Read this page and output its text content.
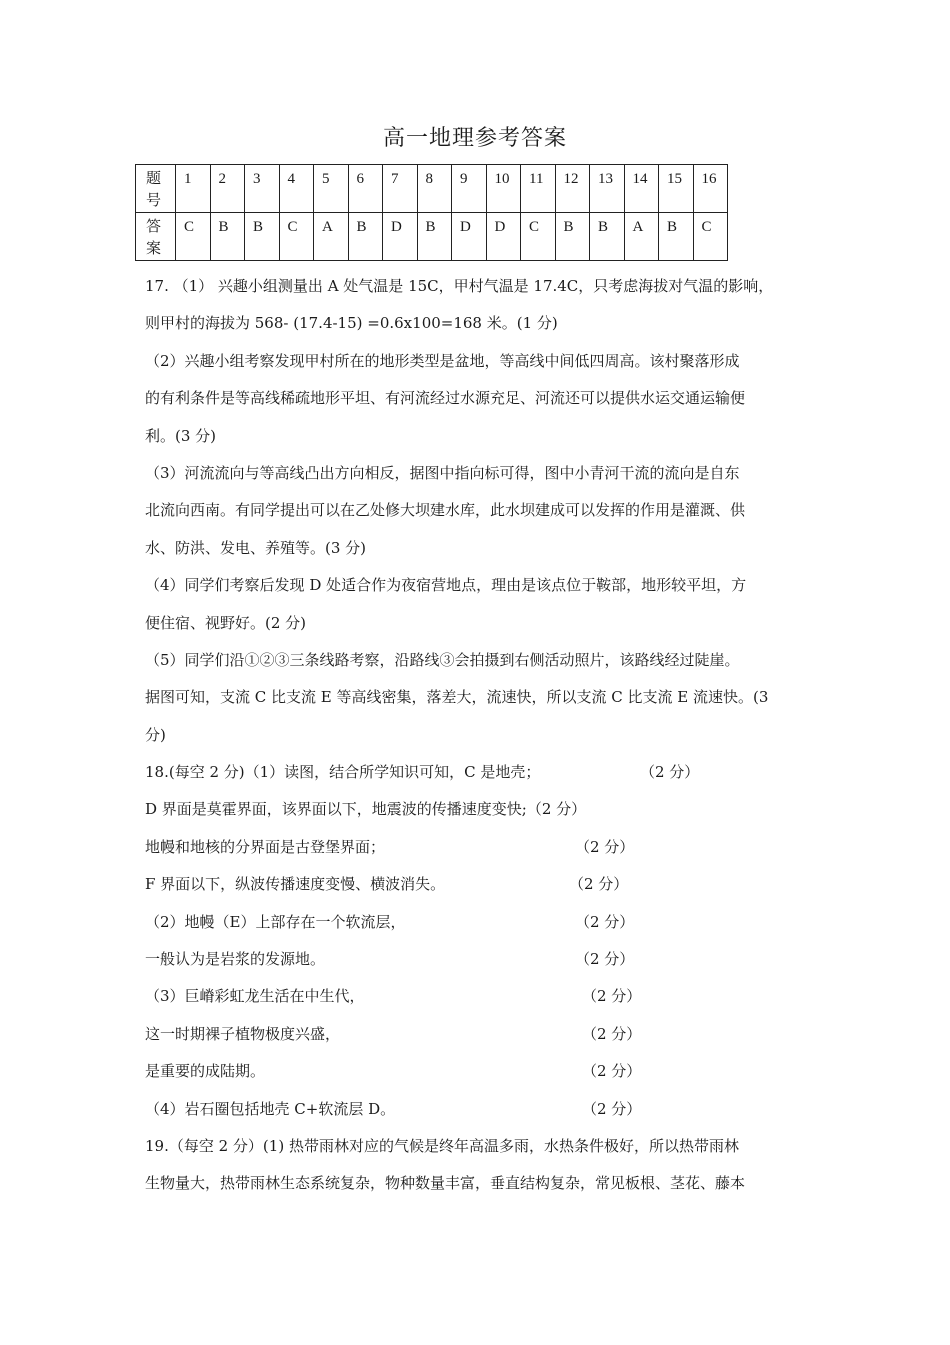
高一地理参考答案
题
号	1	2	3	4	5	6	7	8	9	10	11	12	13	14	15	16

答
案	C	B	B	C	A	B	D	B	D	D	C	B	B	A	B	C
17. （1） 兴趣小组测量出 A 处气温是 15C，甲村气温是 17.4C，只考虑海拔对气温的影响，
则甲村的海拔为 568- (17.4-15) =0.6x100=168 米。(1 分)
（2）兴趣小组考察发现甲村所在的地形类型是盆地，等高线中间低四周高。该村聚落形成
的有利条件是等高线稀疏地形平坦、有河流经过水源充足、河流还可以提供水运交通运输便
利。(3 分)
（3）河流流向与等高线凸出方向相反，据图中指向标可得，图中小青河干流的流向是自东
北流向西南。有同学提出可以在乙处修大坝建水库，此水坝建成可以发挥的作用是灌溉、供
水、防洪、发电、养殖等。(3 分)
（4）同学们考察后发现 D 处适合作为夜宿营地点，理由是该点位于鞍部，地形较平坦，方
便住宿、视野好。(2 分)
（5）同学们沿①②③三条线路考察，沿路线③会拍摄到右侧活动照片，该路线经过陡崖。
据图可知，支流 C 比支流 E 等高线密集，落差大，流速快，所以支流 C 比支流 E 流速快。(3
分)
18.(每空 2 分)（1）读图，结合所学知识可知，C 是地壳；	（2 分）
D 界面是莫霍界面，该界面以下，地震波的传播速度变快;（2 分）
地幔和地核的分界面是古登堡界面；	（2 分）
F 界面以下，纵波传播速度变慢、横波消失。	（2 分）
（2）地幔（E）上部存在一个软流层，	（2 分）
一般认为是岩浆的发源地。	（2 分）
（3）巨嵴彩虹龙生活在中生代，	（2 分）
这一时期裸子植物极度兴盛，	（2 分）
是重要的成陆期。	（2 分）
（4）岩石圈包括地壳 C+软流层 D。	（2 分）
19.（每空 2 分）(1) 热带雨林对应的气候是终年高温多雨，水热条件极好，所以热带雨林
生物量大，热带雨林生态系统复杂，物种数量丰富，垂直结构复杂，常见板根、茎花、藤本
